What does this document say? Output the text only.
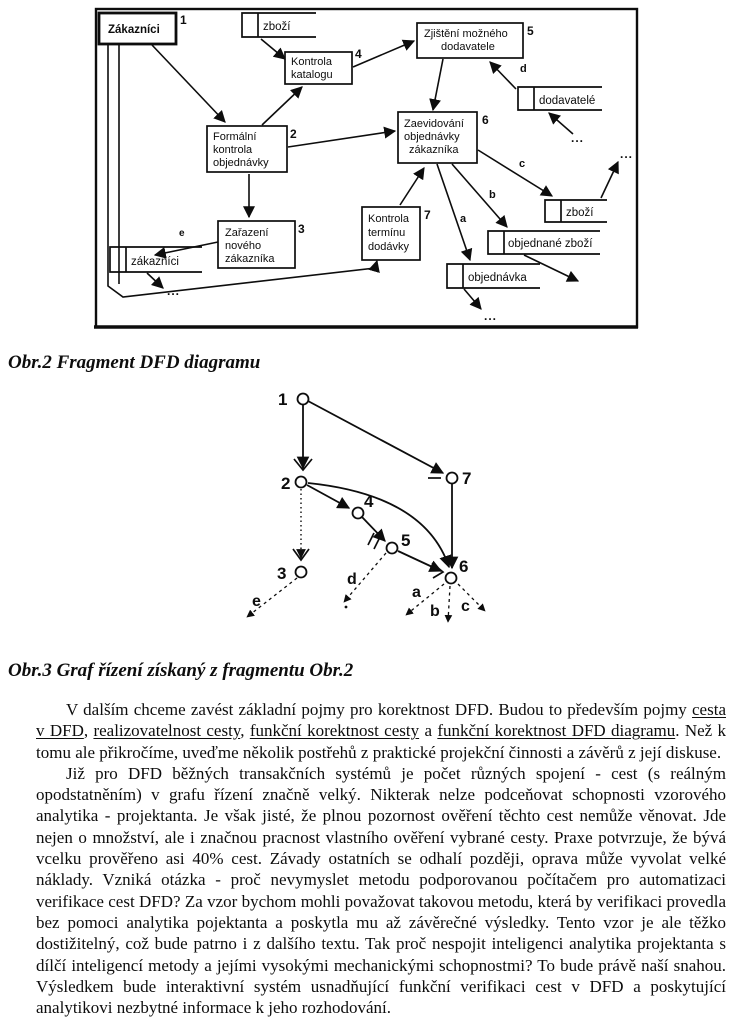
Zákazníci
1	zboží
dodavatelé
zboží
objednané zboží
objednávka
zákazníci
Formální
kontrola
objednávky
2
Kontrola
katalogu
4
Zjištění možného
dodavatele
5
Zaevidování
objednávky
zákazníka
6
Kontrola
termínu
dodávky
7
Zařazení
nového
zákazníka
3
d
c
b
a
e
...
...
...
...
Obr.2 Fragment DFD diagramu
1
2
3
4
5
6
7
e
d
a
b c
Obr.3 Graf řízení získaný z fragmentu Obr.2

V dalším chceme zavést základní pojmy pro korektnost DFD. Budou to především pojmy cesta v DFD, realizovatelnost cesty, funkční korektnost cesty a funkční korektnost DFD diagramu. Než k tomu ale přikročíme, uveďme několik postřehů z praktické projekční činnosti a závěrů z její diskuse.

Již pro DFD běžných transakčních systémů je počet různých spojení - cest (s reálným opodstatněním) v grafu řízení značně velký. Nikterak nelze podceňovat schopnosti vzorového analytika - projektanta. Je však jisté, že plnou pozornost ověření těchto cest nemůže věnovat. Jde nejen o množství, ale i značnou pracnost vlastního ověření vybrané cesty. Praxe potvrzuje, že bývá vcelku prověřeno asi 40% cest. Závady ostatních se odhalí později, oprava může vyvolat velké náklady. Vzniká otázka - proč nevymyslet metodu podporovanou počítačem pro automatizaci verifikace cest DFD? Za vzor bychom mohli považovat takovou metodu, která by verifikaci provedla bez pomoci analytika pojektanta a poskytla mu až závěrečné výsledky. Tento vzor je ale těžko dostižitelný, což bude patrno i z dalšího textu. Tak proč nespojit inteligenci analytika projektanta s dílčí inteligencí metody a jejími vysokými mechanickými schopnostmi? To bude právě naší snahou. Výsledkem bude interaktivní systém usnadňující funkční verifikaci cest v DFD a poskytující analytikovi nezbytné informace k jeho rozhodování.
